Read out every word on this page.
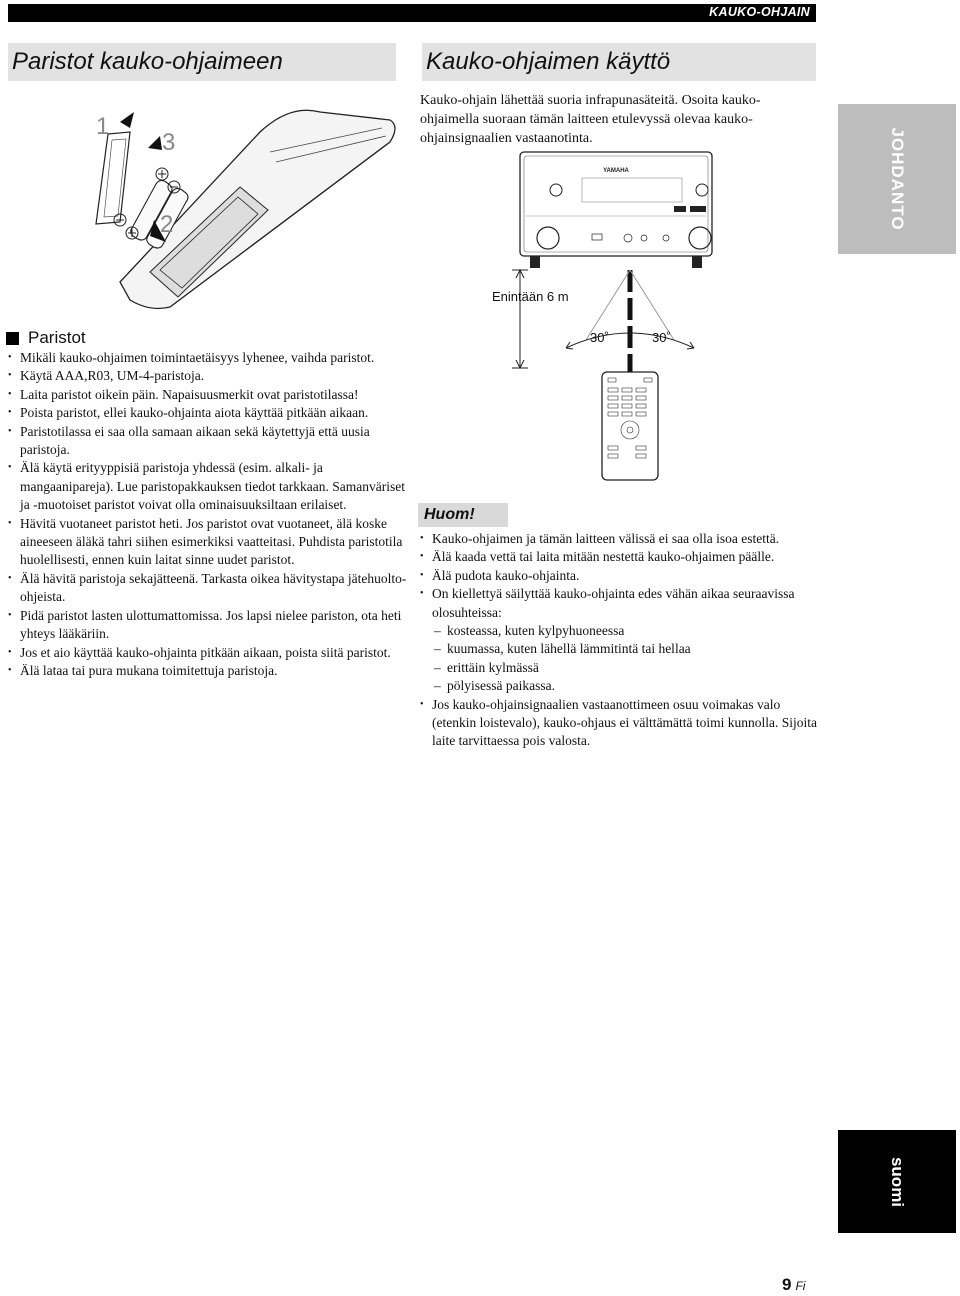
KAUKO-OHJAIN
Paristot kauko-ohjaimeen	Kauko-ohjaimen käyttö
JOHDANTO
1
2
3
Kauko-ohjain lähettää suoria infrapunasäteitä. Osoita kauko-ohjaimella suoraan tämän laitteen etulevyssä olevaa kauko-ohjainsignaalien vastaanotinta.
YAMAHA
30˚	30˚
Enintään 6 m
Paristot
• Mikäli kauko-ohjaimen toimintaetäisyys lyhenee, vaihda paristot.
• Käytä AAA,R03, UM-4-paristoja.
• Laita paristot oikein päin. Napaisuusmerkit ovat paristotilassa!
• Poista paristot, ellei kauko-ohjainta aiota käyttää pitkään aikaan.
• Paristotilassa ei saa olla samaan aikaan sekä käytettyjä että uusia paristoja.
• Älä käytä erityyppisiä paristoja yhdessä (esim. alkali- ja mangaanipareja). Lue paristopakkauksen tiedot tarkkaan. Samanväriset ja -muotoiset paristot voivat olla ominaisuuksiltaan erilaiset.
• Hävitä vuotaneet paristot heti. Jos paristot ovat vuotaneet, älä koske aineeseen äläkä tahri siihen esimerkiksi vaatteitasi. Puhdista paristotila huolellisesti, ennen kuin laitat sinne uudet paristot.
• Älä hävitä paristoja sekajätteenä. Tarkasta oikea hävitystapa jätehuolto-ohjeista.
• Pidä paristot lasten ulottumattomissa. Jos lapsi nielee pariston, ota heti yhteys lääkäriin.
• Jos et aio käyttää kauko-ohjainta pitkään aikaan, poista siitä paristot.
• Älä lataa tai pura mukana toimitettuja paristoja.
Huom!
• Kauko-ohjaimen ja tämän laitteen välissä ei saa olla isoa estettä.
• Älä kaada vettä tai laita mitään nestettä kauko-ohjaimen päälle.
• Älä pudota kauko-ohjainta.
• On kiellettyä säilyttää kauko-ohjainta edes vähän aikaa seuraavissa olosuhteissa:
– kosteassa, kuten kylpyhuoneessa
– kuumassa, kuten lähellä lämmitintä tai hellaa
– erittäin kylmässä
– pölyisessä paikassa.
• Jos kauko-ohjainsignaalien vastaanottimeen osuu voimakas valo (etenkin loistevalo), kauko-ohjaus ei välttämättä toimi kunnolla. Sijoita laite tarvittaessa pois valosta.
suomi
9 Fi
